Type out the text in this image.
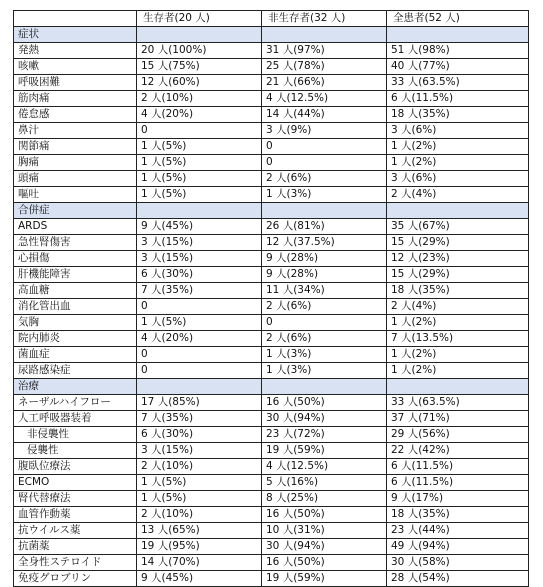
	生存者(20 人)	非生存者(32 人)	全患者(52 人)
症状			
発熱	20 人(100%)	31 人(97%)	51 人(98%)
咳嗽	15 人(75%)	25 人(78%)	40 人(77%)
呼吸困難	12 人(60%)	21 人(66%)	33 人(63.5%)
筋肉痛	2 人(10%)	4 人(12.5%)	6 人(11.5%)
倦怠感	4 人(20%)	14 人(44%)	18 人(35%)
鼻汁	0	3 人(9%)	3 人(6%)
関節痛	1 人(5%)	0	1 人(2%)
胸痛	1 人(5%)	0	1 人(2%)
頭痛	1 人(5%)	2 人(6%)	3 人(6%)
嘔吐	1 人(5%)	1 人(3%)	2 人(4%)
合併症			
ARDS	9 人(45%)	26 人(81%)	35 人(67%)
急性腎傷害	3 人(15%)	12 人(37.5%)	15 人(29%)
心損傷	3 人(15%)	9 人(28%)	12 人(23%)
肝機能障害	6 人(30%)	9 人(28%)	15 人(29%)
高血糖	7 人(35%)	11 人(34%)	18 人(35%)
消化管出血	0	2 人(6%)	2 人(4%)
気胸	1 人(5%)	0	1 人(2%)
院内肺炎	4 人(20%)	2 人(6%)	7 人(13.5%)
菌血症	0	1 人(3%)	1 人(2%)
尿路感染症	0	1 人(3%)	1 人(2%)
治療			
ネーザルハイフロー	17 人(85%)	16 人(50%)	33 人(63.5%)
人工呼吸器装着	7 人(35%)	30 人(94%)	37 人(71%)
非侵襲性	6 人(30%)	23 人(72%)	29 人(56%)
侵襲性	3 人(15%)	19 人(59%)	22 人(42%)
腹臥位療法	2 人(10%)	4 人(12.5%)	6 人(11.5%)
ECMO	1 人(5%)	5 人(16%)	6 人(11.5%)
腎代替療法	1 人(5%)	8 人(25%)	9 人(17%)
血管作動薬	2 人(10%)	16 人(50%)	18 人(35%)
抗ウイルス薬	13 人(65%)	10 人(31%)	23 人(44%)
抗菌薬	19 人(95%)	30 人(94%)	49 人(94%)
全身性ステロイド	14 人(70%)	16 人(50%)	30 人(58%)
免疫グロブリン	9 人(45%)	19 人(59%)	28 人(54%)
